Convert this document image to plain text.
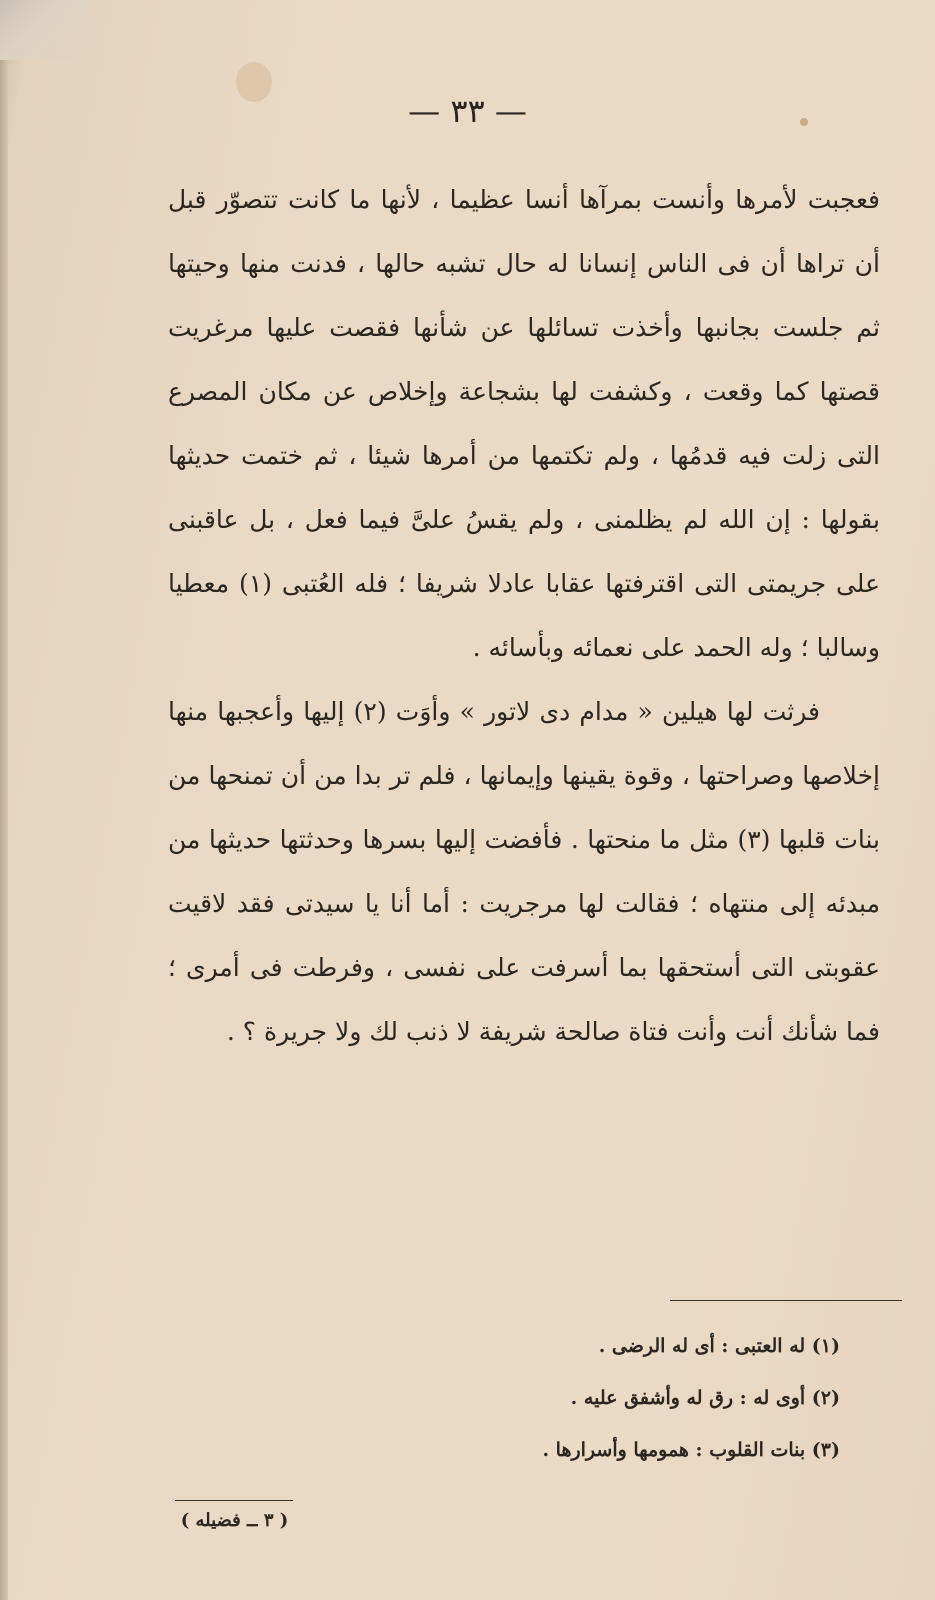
— ٣٣ —

فعجبت لأمرها وأنست بمرآها أنسا عظيما ، لأنها ما كانت تتصوّر قبل أن تراها أن فى الناس إنسانا له حال تشبه حالها ، فدنت منها وحيتها ثم جلست بجانبها وأخذت تسائلها عن شأنها فقصت عليها مرغريت قصتها كما وقعت ، وكشفت لها بشجاعة وإخلاص عن مكان المصرع التى زلت فيه قدمُها ، ولم تكتمها من أمرها شيئا ، ثم ختمت حديثها بقولها : إن الله لم يظلمنى ، ولم يقسُ علىَّ فيما فعل ، بل عاقبنى على جريمتى التى اقترفتها عقابا عادلا شريفا ؛ فله العُتبى (١) معطيا وسالبا ؛ وله الحمد على نعمائه وبأسائه .

فرثت لها هيلين « مدام دى لاتور » وأوَت (٢) إليها وأعجبها منها إخلاصها وصراحتها ، وقوة يقينها وإيمانها ، فلم تر بدا من أن تمنحها من بنات قلبها (٣) مثل ما منحتها . فأفضت إليها بسرها وحدثتها حديثها من مبدئه إلى منتهاه ؛ فقالت لها مرجريت : أما أنا يا سيدتى فقد لاقيت عقوبتى التى أستحقها بما أسرفت على نفسى ، وفرطت فى أمرى ؛ فما شأنك أنت وأنت فتاة صالحة شريفة لا ذنب لك ولا جريرة ؟ .

(١) له العتبى : أى له الرضى .
(٢) أوى له : رق له وأشفق عليه .
(٣) بنات القلوب : همومها وأسرارها .
( ٣ ــ فضيله )
